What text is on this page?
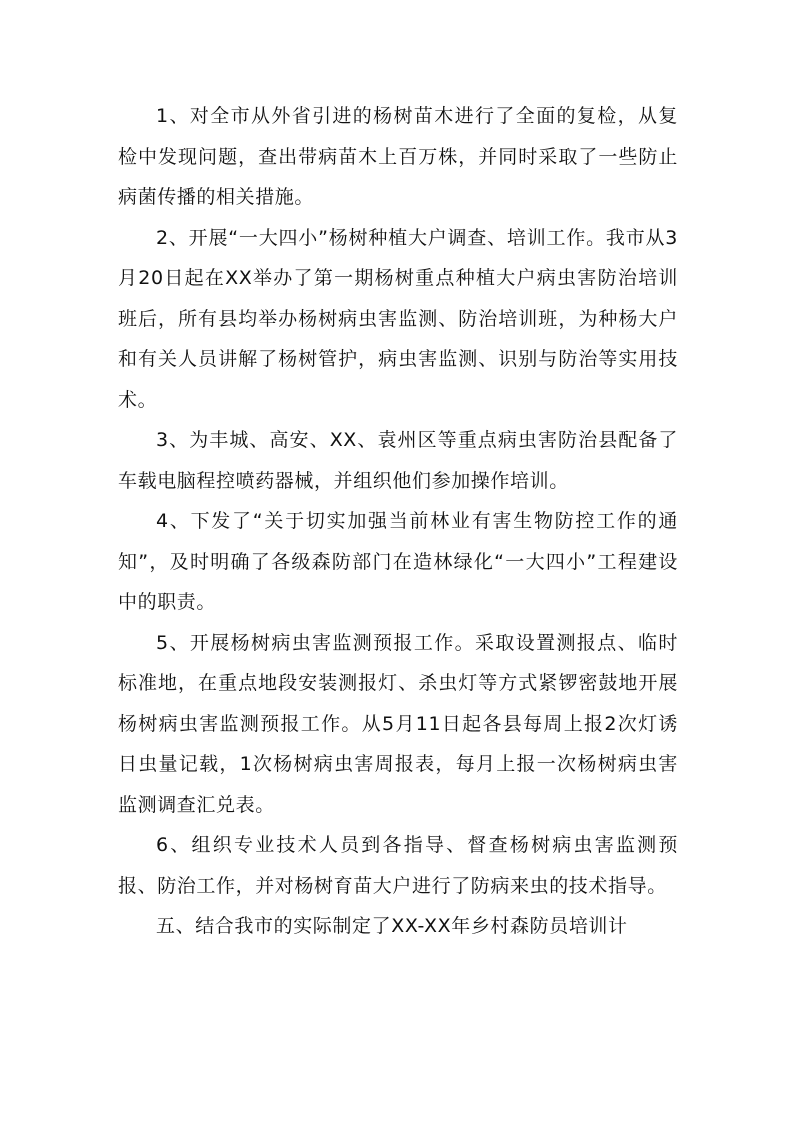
1、对全市从外省引进的杨树苗木进行了全面的复检，从复检中发现问题，查出带病苗木上百万株，并同时采取了一些防止病菌传播的相关措施。

2、开展“一大四小”杨树种植大户调查、培训工作。我市从3月20日起在XX举办了第一期杨树重点种植大户病虫害防治培训班后，所有县均举办杨树病虫害监测、防治培训班，为种杨大户和有关人员讲解了杨树管护，病虫害监测、识别与防治等实用技术。

3、为丰城、高安、XX、袁州区等重点病虫害防治县配备了车载电脑程控喷药器械，并组织他们参加操作培训。

4、下发了“关于切实加强当前林业有害生物防控工作的通知”，及时明确了各级森防部门在造林绿化“一大四小”工程建设中的职责。

5、开展杨树病虫害监测预报工作。采取设置测报点、临时标准地，在重点地段安装测报灯、杀虫灯等方式紧锣密鼓地开展杨树病虫害监测预报工作。从5月11日起各县每周上报2次灯诱日虫量记载，1次杨树病虫害周报表，每月上报一次杨树病虫害监测调查汇兑表。

6、组织专业技术人员到各指导、督查杨树病虫害监测预报、防治工作，并对杨树育苗大户进行了防病来虫的技术指导。

五、结合我市的实际制定了XX-XX年乡村森防员培训计
